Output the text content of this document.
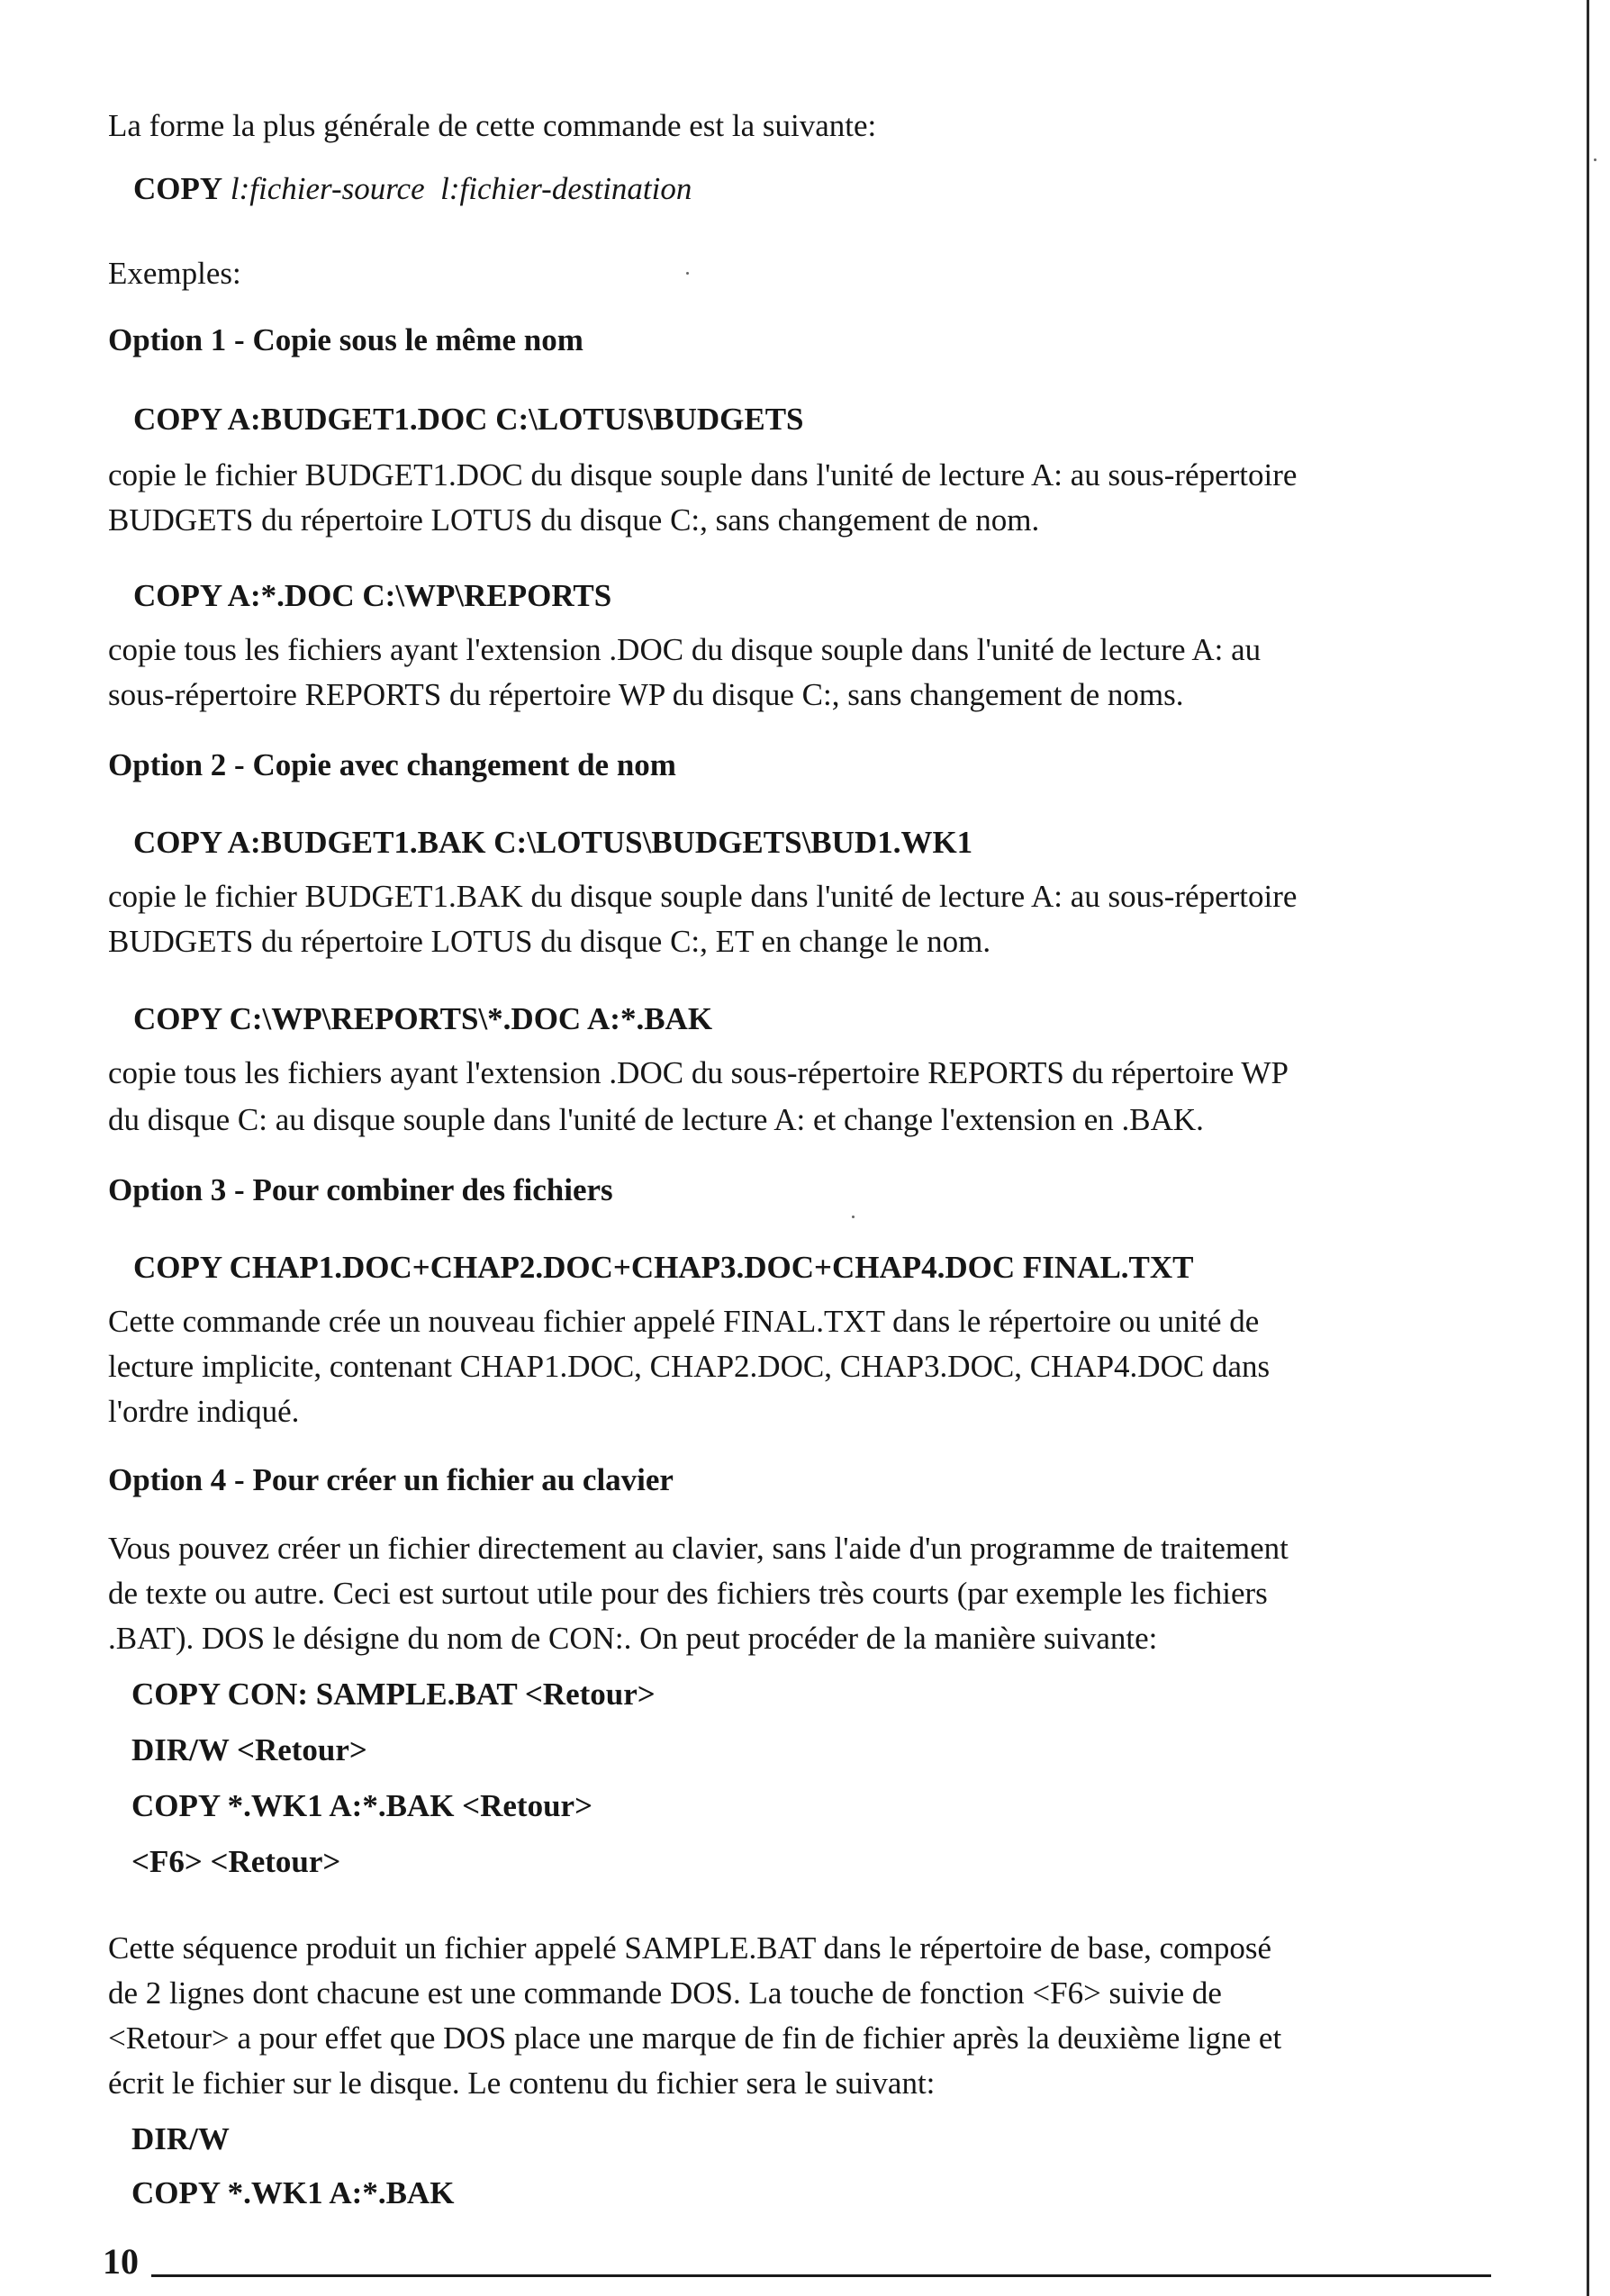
La forme la plus générale de cette commande est la suivante:
COPY l:fichier-source l:fichier-destination
Exemples:
Option 1 - Copie sous le même nom
COPY A:BUDGET1.DOC C:\LOTUS\BUDGETS
copie le fichier BUDGET1.DOC du disque souple dans l'unité de lecture A: au sous-répertoire
BUDGETS du répertoire LOTUS du disque C:, sans changement de nom.
COPY A:*.DOC C:\WP\REPORTS
copie tous les fichiers ayant l'extension .DOC du disque souple dans l'unité de lecture A: au
sous-répertoire REPORTS du répertoire WP du disque C:, sans changement de noms.
Option 2 - Copie avec changement de nom
COPY A:BUDGET1.BAK C:\LOTUS\BUDGETS\BUD1.WK1
copie le fichier BUDGET1.BAK du disque souple dans l'unité de lecture A: au sous-répertoire
BUDGETS du répertoire LOTUS du disque C:, ET en change le nom.
COPY C:\WP\REPORTS\*.DOC A:*.BAK
copie tous les fichiers ayant l'extension .DOC du sous-répertoire REPORTS du répertoire WP
du disque C: au disque souple dans l'unité de lecture A: et change l'extension en .BAK.
Option 3 - Pour combiner des fichiers
COPY CHAP1.DOC+CHAP2.DOC+CHAP3.DOC+CHAP4.DOC FINAL.TXT
Cette commande crée un nouveau fichier appelé FINAL.TXT dans le répertoire ou unité de
lecture implicite, contenant CHAP1.DOC, CHAP2.DOC, CHAP3.DOC, CHAP4.DOC dans
l'ordre indiqué.
Option 4 - Pour créer un fichier au clavier
Vous pouvez créer un fichier directement au clavier, sans l'aide d'un programme de traitement
de texte ou autre. Ceci est surtout utile pour des fichiers très courts (par exemple les fichiers
.BAT). DOS le désigne du nom de CON:. On peut procéder de la manière suivante:
COPY CON: SAMPLE.BAT <Retour>
DIR/W <Retour>
COPY *.WK1 A:*.BAK <Retour>
<F6> <Retour>
Cette séquence produit un fichier appelé SAMPLE.BAT dans le répertoire de base, composé
de 2 lignes dont chacune est une commande DOS. La touche de fonction <F6> suivie de
<Retour> a pour effet que DOS place une marque de fin de fichier après la deuxième ligne et
écrit le fichier sur le disque. Le contenu du fichier sera le suivant:
DIR/W
COPY *.WK1 A:*.BAK
10
